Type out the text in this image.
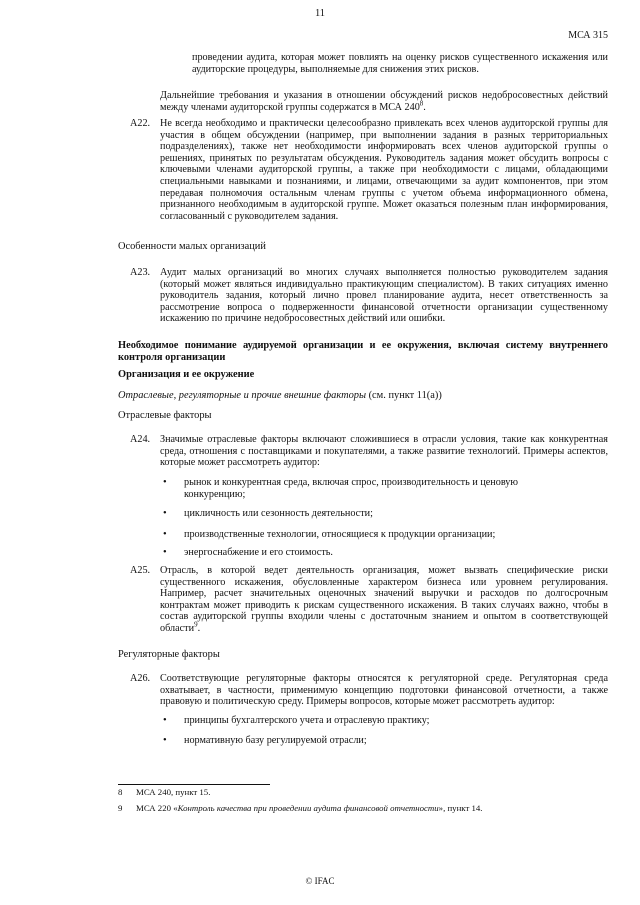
11
МСА 315
проведении аудита, которая может повлиять на оценку рисков существенного искажения или аудиторские процедуры, выполняемые для снижения этих рисков.
Дальнейшие требования и указания в отношении обсуждений рисков недобросовестных действий между членами аудиторской группы содержатся в МСА $240^8$.
A22. Не всегда необходимо и практически целесообразно привлекать всех членов аудиторской группы для участия в общем обсуждении (например, при выполнении задания в разных территориальных подразделениях), также нет необходимости информировать всех членов аудиторской группы о решениях, принятых по результатам обсуждения. Руководитель задания может обсудить вопросы с ключевыми членами аудиторской группы, а также при необходимости с лицами, обладающими специальными навыками и познаниями, и лицами, отвечающими за аудит компонентов, при этом передавая полномочия остальным членам группы с учетом объема информационного обмена, признанного необходимым в аудиторской группе. Может оказаться полезным план информирования, согласованный с руководителем задания.
Особенности малых организаций
A23. Аудит малых организаций во многих случаях выполняется полностью руководителем задания (который может являться индивидуально практикующим специалистом). В таких ситуациях именно руководитель задания, который лично провел планирование аудита, несет ответственность за рассмотрение вопроса о подверженности финансовой отчетности организации существенному искажению по причине недобросовестных действий или ошибки.
Необходимое понимание аудируемой организации и ее окружения, включая систему внутреннего контроля организации
Организация и ее окружение
Отраслевые, регуляторные и прочие внешние факторы (см. пункт 11(a))
Отраслевые факторы
A24. Значимые отраслевые факторы включают сложившиеся в отрасли условия, такие как конкурентная среда, отношения с поставщиками и покупателями, а также развитие технологий. Примеры аспектов, которые может рассмотреть аудитор:
• рынок и конкурентная среда, включая спрос, производительность и ценовую конкуренцию;
• цикличность или сезонность деятельности;
• производственные технологии, относящиеся к продукции организации;
• энергоснабжение и его стоимость.
A25. Отрасль, в которой ведет деятельность организация, может вызвать специфические риски существенного искажения, обусловленные характером бизнеса или уровнем регулирования. Например, расчет значительных оценочных значений выручки и расходов по долгосрочным контрактам может приводить к рискам существенного искажения. В таких случаях важно, чтобы в состав аудиторской группы входили члены с достаточным знанием и опытом в соответствующей области$^9$.
Регуляторные факторы
A26. Соответствующие регуляторные факторы относятся к регуляторной среде. Регуляторная среда охватывает, в частности, применимую концепцию подготовки финансовой отчетности, а также правовую и политическую среду. Примеры вопросов, которые может рассмотреть аудитор:
• принципы бухгалтерского учета и отраслевую практику;
• нормативную базу регулируемой отрасли;
8 МСА 240, пункт 15.
9 МСА 220 «Контроль качества при проведении аудита финансовой отчетности», пункт 14.
© IFAC
